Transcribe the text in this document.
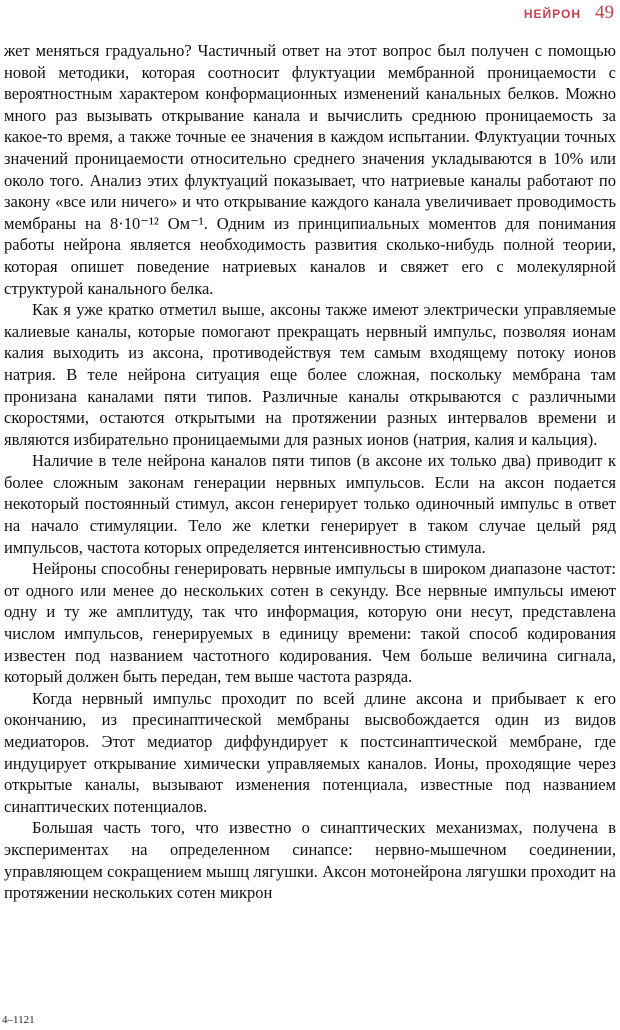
НЕЙРОН 49

жет меняться градуально? Частичный ответ на этот вопрос был получен с помощью новой методики, которая соотносит флуктуации мембранной проницаемости с вероятностным характером конформационных изменений канальных белков. Можно много раз вызывать открывание канала и вычислить среднюю проницаемость за какое-то время, а также точные ее значения в каждом испытании. Флуктуации точных значений проницаемости относительно среднего значения укладываются в 10% или около того. Анализ этих флуктуаций показывает, что натриевые каналы работают по закону «все или ничего» и что открывание каждого канала увеличивает проводимость мембраны на 8·10⁻¹² Ом⁻¹. Одним из принципиальных моментов для понимания работы нейрона является необходимость развития сколько-нибудь полной теории, которая опишет поведение натриевых каналов и свяжет его с молекулярной структурой канального белка.

Как я уже кратко отметил выше, аксоны также имеют электрически управляемые калиевые каналы, которые помогают прекращать нервный импульс, позволяя ионам калия выходить из аксона, противодействуя тем самым входящему потоку ионов натрия. В теле нейрона ситуация еще более сложная, поскольку мембрана там пронизана каналами пяти типов. Различные каналы открываются с различными скоростями, остаются открытыми на протяжении разных интервалов времени и являются избирательно проницаемыми для разных ионов (натрия, калия и кальция).

Наличие в теле нейрона каналов пяти типов (в аксоне их только два) приводит к более сложным законам генерации нервных импульсов. Если на аксон подается некоторый постоянный стимул, аксон генерирует только одиночный импульс в ответ на начало стимуляции. Тело же клетки генерирует в таком случае целый ряд импульсов, частота которых определяется интенсивностью стимула.

Нейроны способны генерировать нервные импульсы в широком диапазоне частот: от одного или менее до нескольких сотен в секунду. Все нервные импульсы имеют одну и ту же амплитуду, так что информация, которую они несут, представлена числом импульсов, генерируемых в единицу времени: такой способ кодирования известен под названием частотного кодирования. Чем больше величина сигнала, который должен быть передан, тем выше частота разряда.

Когда нервный импульс проходит по всей длине аксона и прибывает к его окончанию, из пресинаптической мембраны высвобождается один из видов медиаторов. Этот медиатор диффундирует к постсинаптической мембране, где индуцирует открывание химически управляемых каналов. Ионы, проходящие через открытые каналы, вызывают изменения потенциала, известные под названием синаптических потенциалов.

Большая часть того, что известно о синаптических механизмах, получена в экспериментах на определенном синапсе: нервно-мышечном соединении, управляющем сокращением мышц лягушки. Аксон мотонейрона лягушки проходит на протяжении нескольких сотен микрон

4–1121
